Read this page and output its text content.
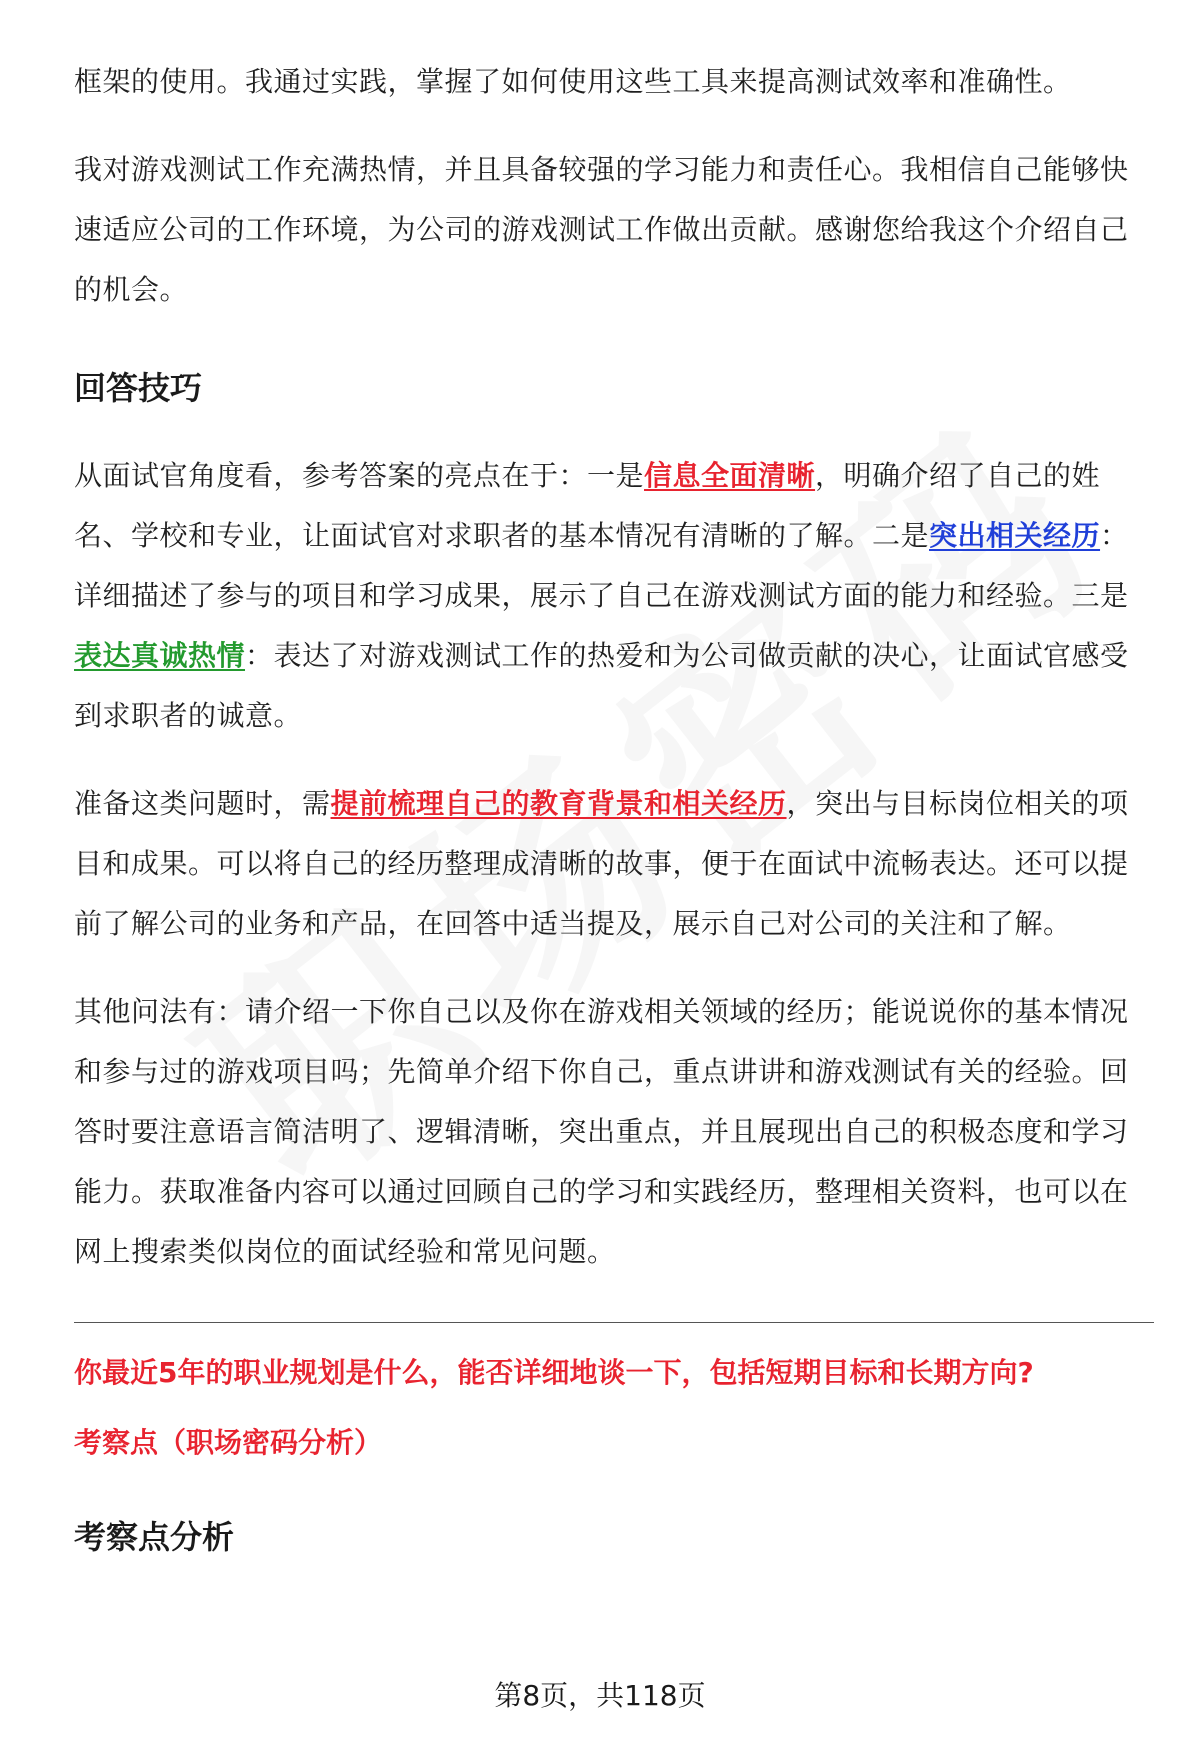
框架的使用。我通过实践，掌握了如何使用这些工具来提高测试效率和准确性。

我对游戏测试工作充满热情，并且具备较强的学习能力和责任心。我相信自己能够快速适应公司的工作环境，为公司的游戏测试工作做出贡献。感谢您给我这个介绍自己的机会。

回答技巧

从面试官角度看，参考答案的亮点在于：一是信息全面清晰，明确介绍了自己的姓名、学校和专业，让面试官对求职者的基本情况有清晰的了解。二是突出相关经历：详细描述了参与的项目和学习成果，展示了自己在游戏测试方面的能力和经验。三是表达真诚热情：表达了对游戏测试工作的热爱和为公司做贡献的决心，让面试官感受到求职者的诚意。

准备这类问题时，需提前梳理自己的教育背景和相关经历，突出与目标岗位相关的项目和成果。可以将自己的经历整理成清晰的故事，便于在面试中流畅表达。还可以提前了解公司的业务和产品，在回答中适当提及，展示自己对公司的关注和了解。

其他问法有：请介绍一下你自己以及你在游戏相关领域的经历；能说说你的基本情况和参与过的游戏项目吗；先简单介绍下你自己，重点讲讲和游戏测试有关的经验。回答时要注意语言简洁明了、逻辑清晰，突出重点，并且展现出自己的积极态度和学习能力。获取准备内容可以通过回顾自己的学习和实践经历，整理相关资料，也可以在网上搜索类似岗位的面试经验和常见问题。

你最近5年的职业规划是什么，能否详细地谈一下，包括短期目标和长期方向?

考察点（职场密码分析）

考察点分析
第8页，共118页
